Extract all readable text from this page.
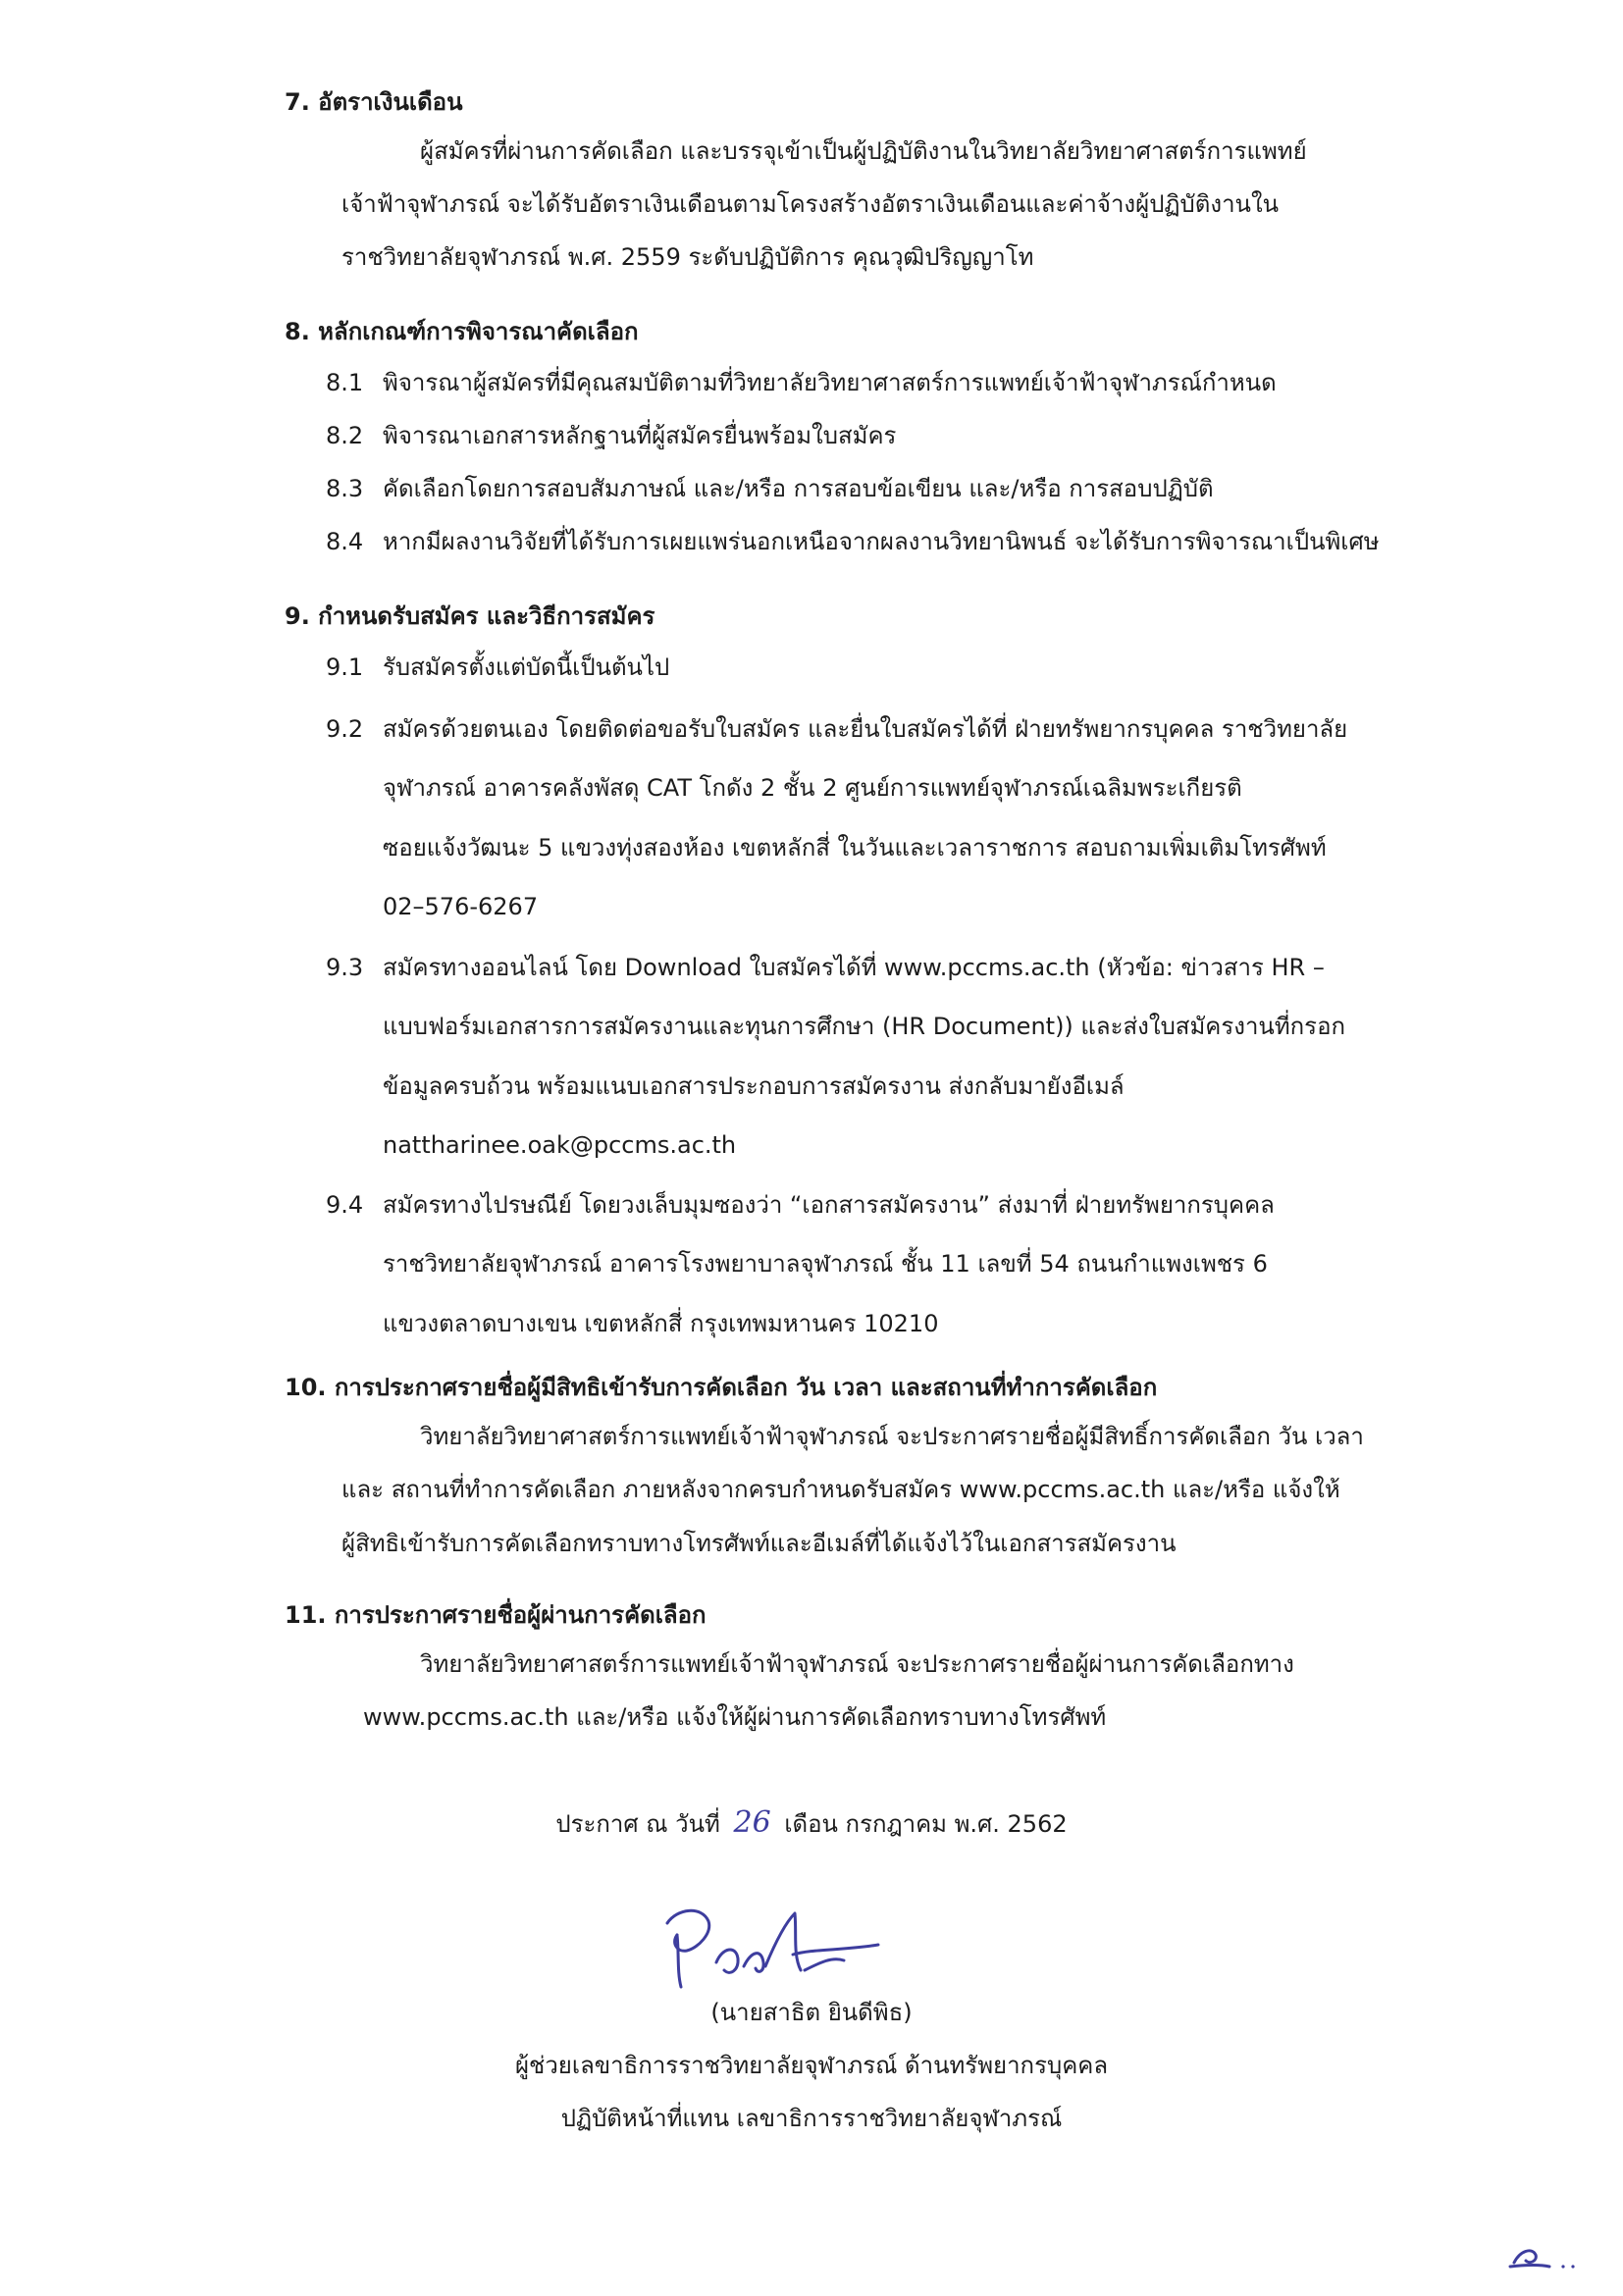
7. อัตราเงินเดือน
ผู้สมัครที่ผ่านการคัดเลือก และบรรจุเข้าเป็นผู้ปฏิบัติงานในวิทยาลัยวิทยาศาสตร์การแพทย์
เจ้าฟ้าจุฬาภรณ์ จะได้รับอัตราเงินเดือนตามโครงสร้างอัตราเงินเดือนและค่าจ้างผู้ปฏิบัติงานใน
ราชวิทยาลัยจุฬาภรณ์ พ.ศ. 2559 ระดับปฏิบัติการ คุณวุฒิปริญญาโท
8. หลักเกณฑ์การพิจารณาคัดเลือก
8.1 พิจารณาผู้สมัครที่มีคุณสมบัติตามที่วิทยาลัยวิทยาศาสตร์การแพทย์เจ้าฟ้าจุฬาภรณ์กำหนด
8.2 พิจารณาเอกสารหลักฐานที่ผู้สมัครยื่นพร้อมใบสมัคร
8.3 คัดเลือกโดยการสอบสัมภาษณ์ และ/หรือ การสอบข้อเขียน และ/หรือ การสอบปฏิบัติ
8.4 หากมีผลงานวิจัยที่ได้รับการเผยแพร่นอกเหนือจากผลงานวิทยานิพนธ์ จะได้รับการพิจารณาเป็นพิเศษ
9. กำหนดรับสมัคร และวิธีการสมัคร
9.1 รับสมัครตั้งแต่บัดนี้เป็นต้นไป
9.2 สมัครด้วยตนเอง โดยติดต่อขอรับใบสมัคร และยื่นใบสมัครได้ที่ ฝ่ายทรัพยากรบุคคล ราชวิทยาลัย
จุฬาภรณ์ อาคารคลังพัสดุ CAT โกดัง 2 ชั้น 2 ศูนย์การแพทย์จุฬาภรณ์เฉลิมพระเกียรติ
ซอยแจ้งวัฒนะ 5 แขวงทุ่งสองห้อง เขตหลักสี่ ในวันและเวลาราชการ สอบถามเพิ่มเติมโทรศัพท์
02–576-6267
9.3 สมัครทางออนไลน์ โดย Download ใบสมัครได้ที่ www.pccms.ac.th (หัวข้อ: ข่าวสาร HR –
แบบฟอร์มเอกสารการสมัครงานและทุนการศึกษา (HR Document)) และส่งใบสมัครงานที่กรอก
ข้อมูลครบถ้วน พร้อมแนบเอกสารประกอบการสมัครงาน ส่งกลับมายังอีเมล์
nattharinee.oak@pccms.ac.th
9.4 สมัครทางไปรษณีย์ โดยวงเล็บมุมซองว่า “เอกสารสมัครงาน” ส่งมาที่ ฝ่ายทรัพยากรบุคคล
ราชวิทยาลัยจุฬาภรณ์ อาคารโรงพยาบาลจุฬาภรณ์ ชั้น 11 เลขที่ 54 ถนนกำแพงเพชร 6
แขวงตลาดบางเขน เขตหลักสี่ กรุงเทพมหานคร 10210
10. การประกาศรายชื่อผู้มีสิทธิเข้ารับการคัดเลือก วัน เวลา และสถานที่ทำการคัดเลือก
วิทยาลัยวิทยาศาสตร์การแพทย์เจ้าฟ้าจุฬาภรณ์ จะประกาศรายชื่อผู้มีสิทธิ์การคัดเลือก วัน เวลา
และ สถานที่ทำการคัดเลือก ภายหลังจากครบกำหนดรับสมัคร www.pccms.ac.th และ/หรือ แจ้งให้
ผู้สิทธิเข้ารับการคัดเลือกทราบทางโทรศัพท์และอีเมล์ที่ได้แจ้งไว้ในเอกสารสมัครงาน
11. การประกาศรายชื่อผู้ผ่านการคัดเลือก
วิทยาลัยวิทยาศาสตร์การแพทย์เจ้าฟ้าจุฬาภรณ์ จะประกาศรายชื่อผู้ผ่านการคัดเลือกทาง
www.pccms.ac.th และ/หรือ แจ้งให้ผู้ผ่านการคัดเลือกทราบทางโทรศัพท์
ประกาศ ณ วันที่ 26 เดือน กรกฎาคม พ.ศ. 2562
(นายสาธิต ยินดีพิธ)
ผู้ช่วยเลขาธิการราชวิทยาลัยจุฬาภรณ์ ด้านทรัพยากรบุคคล
ปฏิบัติหน้าที่แทน เลขาธิการราชวิทยาลัยจุฬาภรณ์
